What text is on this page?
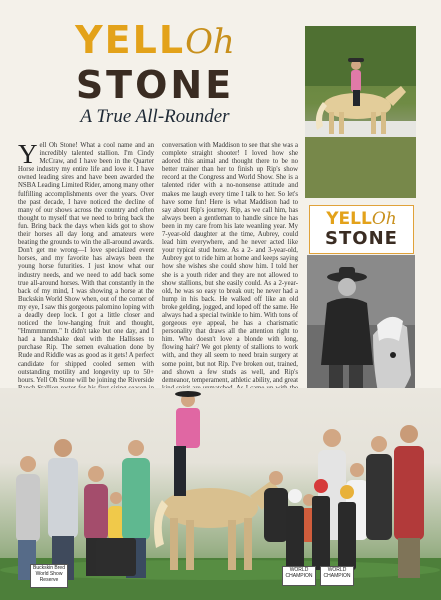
YELLOh
STONE
A True All-Rounder

Yell Oh Stone! What a cool name and an incredibly talented stallion. I'm Cindy McCraw, and I have been in the Quarter Horse industry my entire life and love it. I have owned leading sires and have been awarded the NSBA Leading Limited Rider, among many other fulfilling accomplishments over the years. Over the past decade, I have noticed the decline of many of our shows across the country and often thought to myself that we need to bring back the fun. Bring back the days when kids got to show their horses all day long and amateurs were beating the grounds to win the all-around awards. Don't get me wrong—I love specialized event horses, and my favorite has always been the young horse futurities. I just know what our industry needs, and we need to add back some true all-around horses. With that constantly in the back of my mind, I was showing a horse at the Buckskin World Show when, out of the corner of my eye, I saw this gorgeous palomino loping with a deadly deep lock. I got a little closer and noticed the low-hanging fruit and thought, "Hmmmmmm." It didn't take but one day, and I had a handshake deal with the Hallisses to purchase Rip. The semen evaluation done by Rude and Riddle was as good as it gets! A perfect candidate for shipped cooled semen with outstanding motility and longevity up to 50+ hours. Yell Oh Stone will be joining the Riverside

conversation with Maddison to see that she was a complete straight shooter! I loved how she adored this animal and thought there to be no better trainer than her to finish up Rip's show record at the Congress and World Show. She is a talented rider with a no-nonsense attitude and makes me laugh every time I talk to her. So let's have some fun! Here is what Maddison had to say about Rip's journey. Rip, as we call him, has always been a gentleman to handle since he has been in my care from his late weanling year. My 7-year-old daughter at the time, Aubrey, could lead him everywhere, and he never acted like your typical stud horse. As a 2- and 3-year-old, Aubrey got to ride him at home and keeps saying how she wishes she could show him. I told her she is a youth rider and they are not allowed to show stallions, but she easily could. As a 2-year-old, he was so easy to break out; he never had a hump in his back. He walked off like an old broke gelding, jogged, and loped off the same. He always had a special twinkle to him. With tons of gorgeous eye appeal, he has a charismatic personality that draws all the attention right to him. Who doesn't love a blonde with long, flowing hair? We got plenty of stallions to work with, and they all seem to need brain surgery at some point, but not Rip. I've broken out, trained, and shown a few studs as well, and Rip's demeanor, temperament, athletic ability, and great

YELLOh
STONE
Buckskin Bred World Show Reserve
WORLD CHAMPION
WORLD CHAMPION
